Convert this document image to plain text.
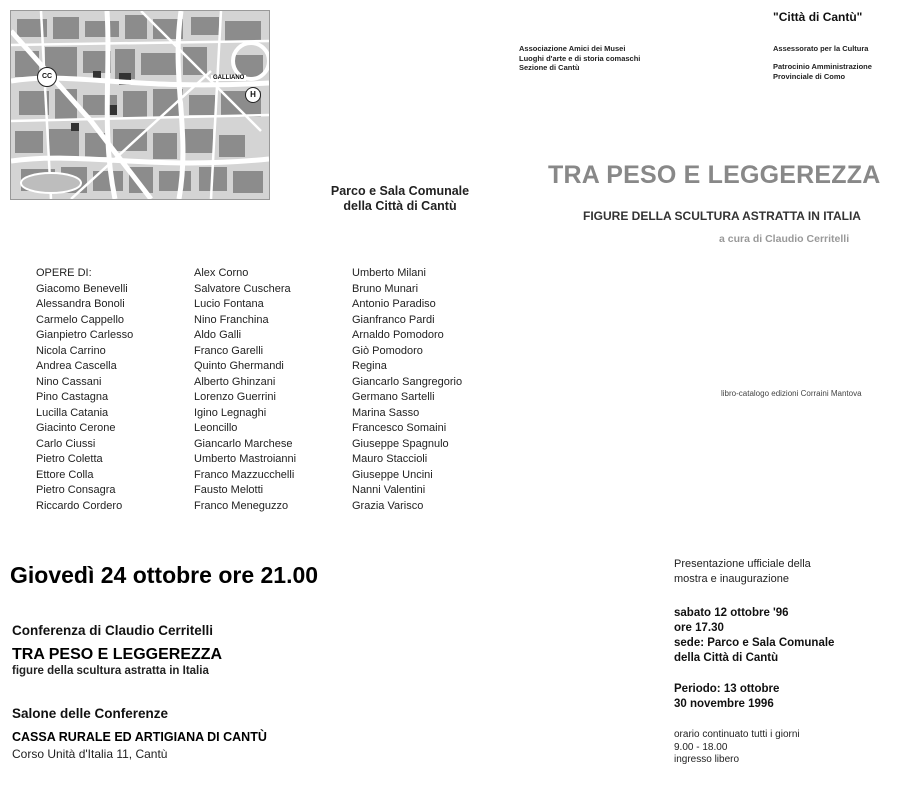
CC	GALLIANO
H
Parco e Sala Comunale
della Città di Cantù
OPERE DI:
Giacomo Benevelli
Alessandra Bonoli
Carmelo Cappello
Gianpietro Carlesso
Nicola Carrino
Andrea Cascella
Nino Cassani
Pino Castagna
Lucilla Catania
Giacinto Cerone
Carlo Ciussi
Pietro Coletta
Ettore Colla
Pietro Consagra
Riccardo Cordero
Alex Corno
Salvatore Cuschera
Lucio Fontana
Nino Franchina
Aldo Galli
Franco Garelli
Quinto Ghermandi
Alberto Ghinzani
Lorenzo Guerrini
Igino Legnaghi
Leoncillo
Giancarlo Marchese
Umberto Mastroianni
Franco Mazzucchelli
Fausto Melotti
Franco Meneguzzo
Umberto Milani
Bruno Munari
Antonio Paradiso
Gianfranco Pardi
Arnaldo Pomodoro
Giò Pomodoro
Regina
Giancarlo Sangregorio
Germano Sartelli
Marina Sasso
Francesco Somaini
Giuseppe Spagnulo
Mauro Staccioli
Giuseppe Uncini
Nanni Valentini
Grazia Varisco
Associazione Amici dei Musei
Luoghi d'arte e di storia comaschi
Sezione di Cantù
"Città di Cantù"
Assessorato per la Cultura
Patrocinio Amministrazione
Provinciale di Como
TRA PESO E LEGGEREZZA
FIGURE DELLA SCULTURA ASTRATTA IN ITALIA
a cura di Claudio Cerritelli
libro-catalogo edizioni Corraini Mantova
Giovedì 24 ottobre ore 21.00
Conferenza di Claudio Cerritelli
TRA PESO E LEGGEREZZA
figure della scultura astratta in Italia
Salone delle Conferenze
CASSA RURALE ED ARTIGIANA DI CANTÙ
Corso Unità d'Italia 11, Cantù
Presentazione ufficiale della
mostra e inaugurazione
sabato 12 ottobre '96
ore 17.30
sede: Parco e Sala Comunale
della Città di Cantù
Periodo: 13 ottobre
30 novembre 1996
orario continuato tutti i giorni
9.00 - 18.00
ingresso libero
